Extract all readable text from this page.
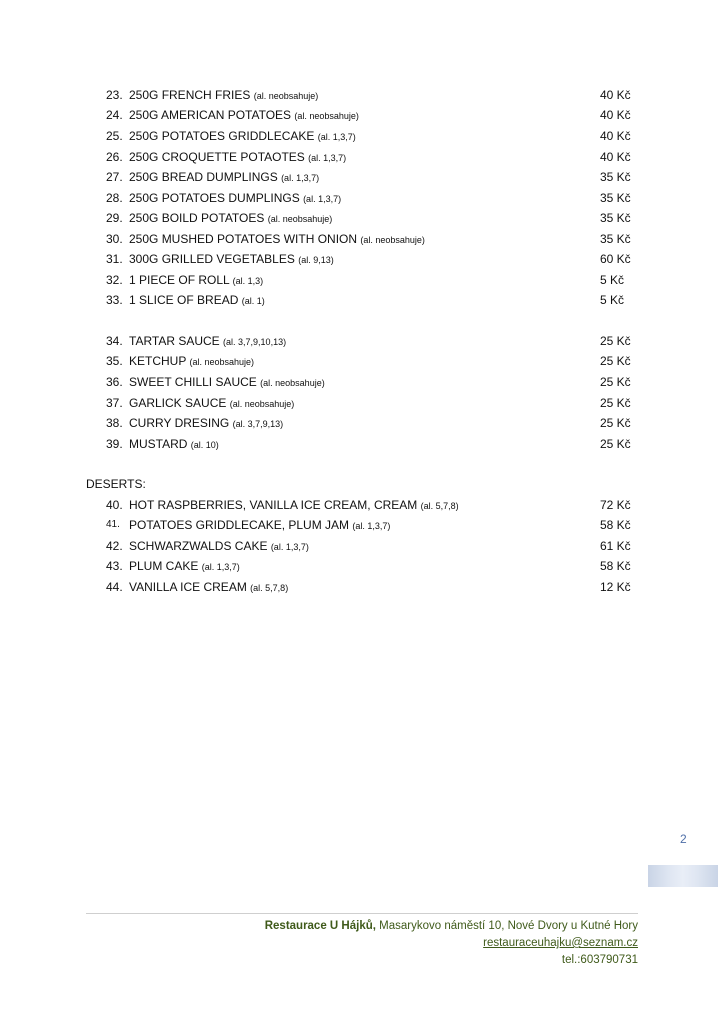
23. 250G FRENCH FRIES (al. neobsahuje)	40 Kč
24. 250G AMERICAN POTATOES (al. neobsahuje)	40 Kč
25. 250G POTATOES GRIDDLECAKE (al. 1,3,7)	40 Kč
26. 250G CROQUETTE POTAOTES (al. 1,3,7)	40 Kč
27. 250G BREAD DUMPLINGS (al. 1,3,7)	35 Kč
28. 250G POTATOES DUMPLINGS (al. 1,3,7)	35 Kč
29. 250G BOILD POTATOES (al. neobsahuje)	35 Kč
30. 250G MUSHED POTATOES WITH ONION (al. neobsahuje)	35 Kč
31. 300G GRILLED VEGETABLES (al. 9,13)	60 Kč
32. 1 PIECE OF ROLL (al. 1,3)	5 Kč
33. 1 SLICE OF BREAD (al. 1)	5 Kč
34. TARTAR SAUCE (al. 3,7,9,10,13)	25 Kč
35. KETCHUP (al. neobsahuje)	25 Kč
36. SWEET CHILLI SAUCE (al. neobsahuje)	25 Kč
37. GARLICK SAUCE (al. neobsahuje)	25 Kč
38. CURRY DRESING (al. 3,7,9,13)	25 Kč
39. MUSTARD (al. 10)	25 Kč
DESERTS:
40. HOT RASPBERRIES, VANILLA ICE CREAM, CREAM (al. 5,7,8)	72 Kč
41. POTATOES GRIDDLECAKE, PLUM JAM (al. 1,3,7)	58 Kč
42. SCHWARZWALDS CAKE (al. 1,3,7)	61 Kč
43. PLUM CAKE (al. 1,3,7)	58 Kč
44. VANILLA ICE CREAM (al. 5,7,8)	12 Kč
2
Restaurace U Hájků, Masarykovo náměstí 10, Nové Dvory u Kutné Hory
restauraceuhajku@seznam.cz
tel.:603790731
